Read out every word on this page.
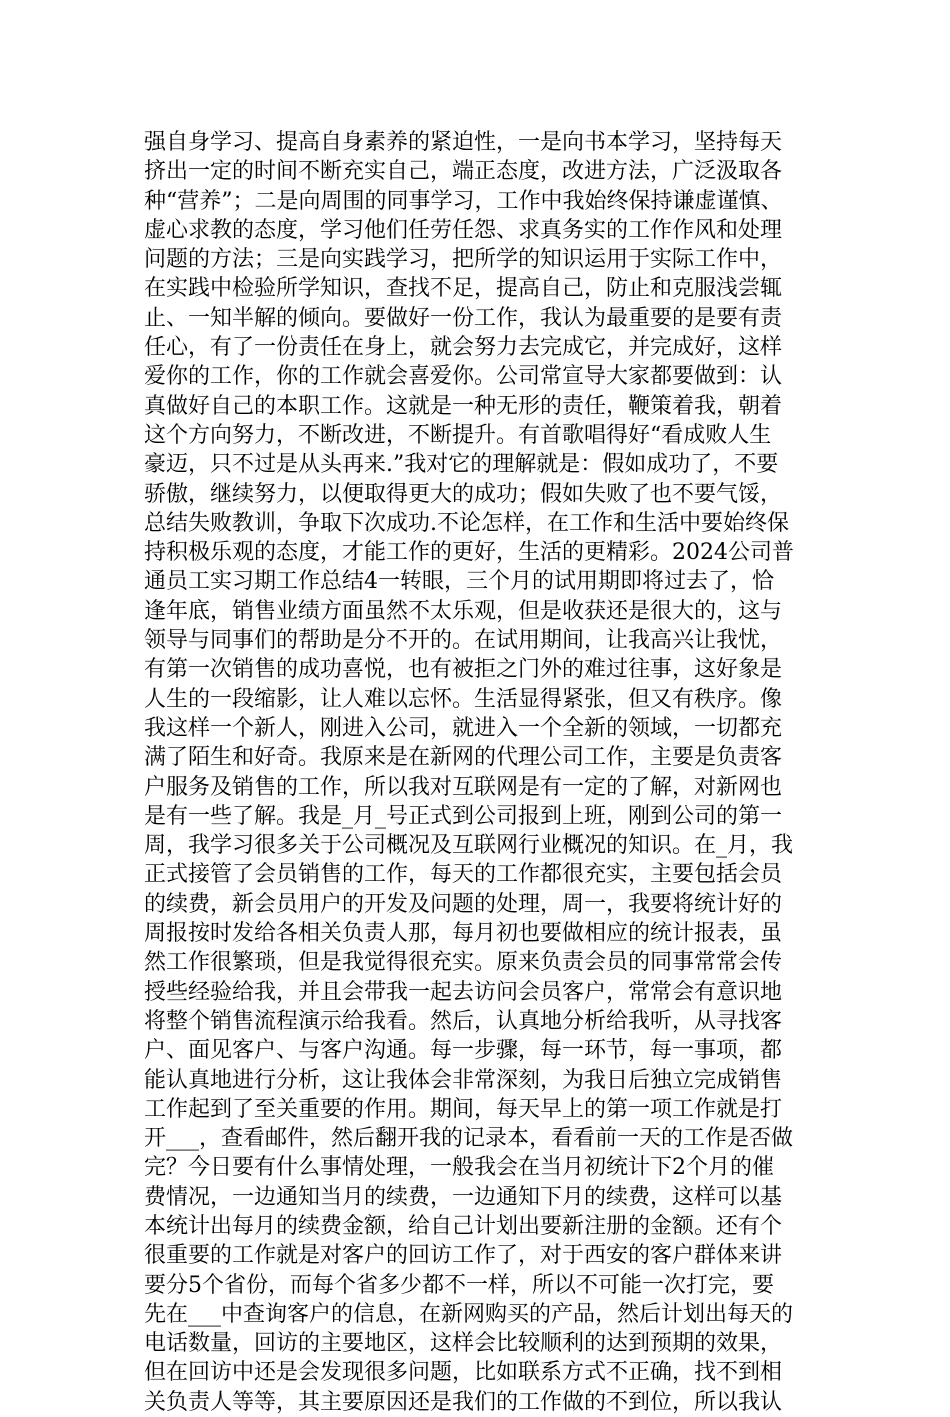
强自身学习、提高自身素养的紧迫性，一是向书本学习，坚持每天
挤出一定的时间不断充实自己，端正态度，改进方法，广泛汲取各
种“营养”；二是向周围的同事学习，工作中我始终保持谦虚谨慎、
虚心求教的态度，学习他们任劳任怨、求真务实的工作作风和处理
问题的方法；三是向实践学习，把所学的知识运用于实际工作中，
在实践中检验所学知识，查找不足，提高自己，防止和克服浅尝辄
止、一知半解的倾向。要做好一份工作，我认为最重要的是要有责
任心，有了一份责任在身上，就会努力去完成它，并完成好，这样
爱你的工作，你的工作就会喜爱你。公司常宣导大家都要做到：认
真做好自己的本职工作。这就是一种无形的责任，鞭策着我，朝着
这个方向努力，不断改进，不断提升。有首歌唱得好“看成败人生
豪迈，只不过是从头再来.”我对它的理解就是：假如成功了，不要
骄傲，继续努力，以便取得更大的成功；假如失败了也不要气馁，
总结失败教训，争取下次成功.不论怎样，在工作和生活中要始终保
持积极乐观的态度，才能工作的更好，生活的更精彩。2024公司普
通员工实习期工作总结4一转眼，三个月的试用期即将过去了，恰
逢年底，销售业绩方面虽然不太乐观，但是收获还是很大的，这与
领导与同事们的帮助是分不开的。在试用期间，让我高兴让我忧，
有第一次销售的成功喜悦，也有被拒之门外的难过往事，这好象是
人生的一段缩影，让人难以忘怀。生活显得紧张，但又有秩序。像
我这样一个新人，刚进入公司，就进入一个全新的领域，一切都充
满了陌生和好奇。我原来是在新网的代理公司工作，主要是负责客
户服务及销售的工作，所以我对互联网是有一定的了解，对新网也
是有一些了解。我是_月_号正式到公司报到上班，刚到公司的第一
周，我学习很多关于公司概况及互联网行业概况的知识。在_月，我
正式接管了会员销售的工作，每天的工作都很充实，主要包括会员
的续费，新会员用户的开发及问题的处理，周一，我要将统计好的
周报按时发给各相关负责人那，每月初也要做相应的统计报表，虽
然工作很繁琐，但是我觉得很充实。原来负责会员的同事常常会传
授些经验给我，并且会带我一起去访问会员客户，常常会有意识地
将整个销售流程演示给我看。然后，认真地分析给我听，从寻找客
户、面见客户、与客户沟通。每一步骤，每一环节，每一事项，都
能认真地进行分析，这让我体会非常深刻，为我日后独立完成销售
工作起到了至关重要的作用。期间，每天早上的第一项工作就是打
开___，查看邮件，然后翻开我的记录本，看看前一天的工作是否做
完？今日要有什么事情处理，一般我会在当月初统计下2个月的催
费情况，一边通知当月的续费，一边通知下月的续费，这样可以基
本统计出每月的续费金额，给自己计划出要新注册的金额。还有个
很重要的工作就是对客户的回访工作了，对于西安的客户群体来讲
要分5个省份，而每个省多少都不一样，所以不可能一次打完，要
先在___中查询客户的信息，在新网购买的产品，然后计划出每天的
电话数量，回访的主要地区，这样会比较顺利的达到预期的效果，
但在回访中还是会发现很多问题，比如联系方式不正确，找不到相
关负责人等等，其主要原因还是我们的工作做的不到位，所以我认
